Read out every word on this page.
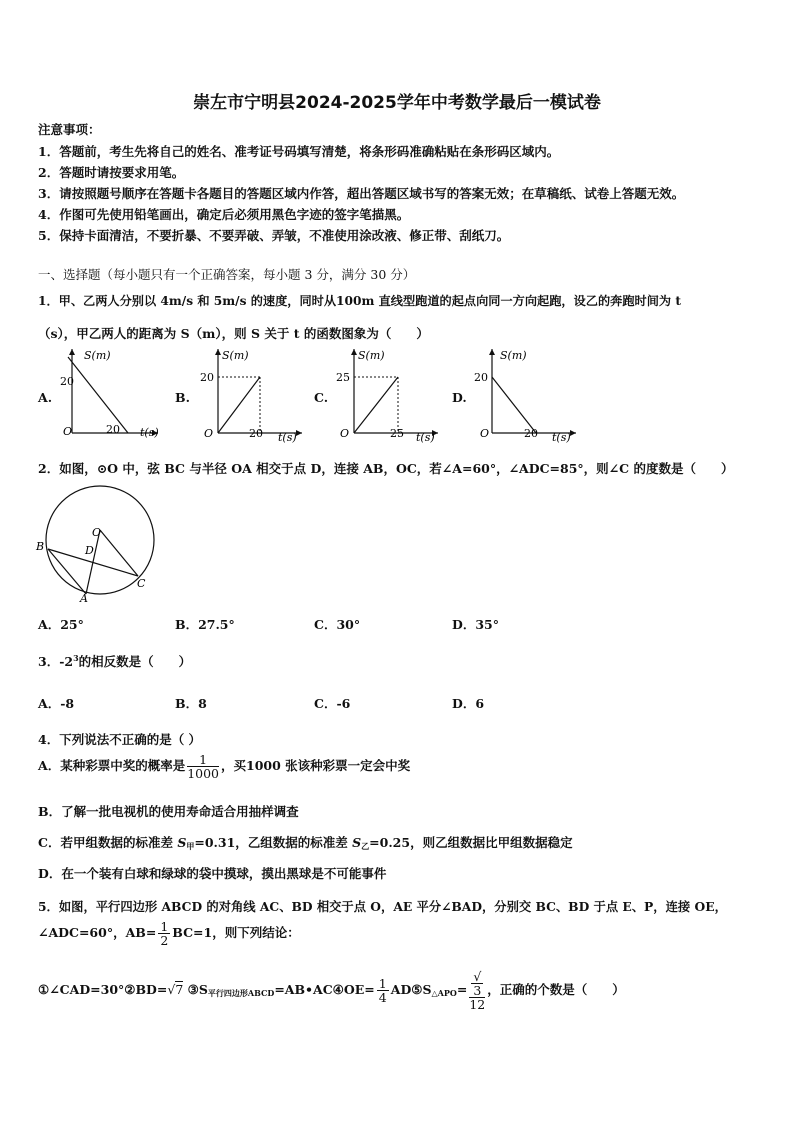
崇左市宁明县2024-2025学年中考数学最后一模试卷
注意事项：
1．答题前，考生先将自己的姓名、准考证号码填写清楚，将条形码准确粘贴在条形码区域内。
2．答题时请按要求用笔。
3．请按照题号顺序在答题卡各题目的答题区域内作答，超出答题区域书写的答案无效；在草稿纸、试卷上答题无效。
4．作图可先使用铅笔画出，确定后必须用黑色字迹的签字笔描黑。
5．保持卡面清洁，不要折暴、不要弄破、弄皱，不准使用涂改液、修正带、刮纸刀。
一、选择题（每小题只有一个正确答案，每小题 3 分，满分 30 分）
1．甲、乙两人分别以 4m/s 和 5m/s 的速度，同时从100m 直线型跑道的起点向同一方向起跑，设乙的奔跑时间为 t
（s），甲乙两人的距离为 S（m），则 S 关于 t 的函数图象为（　　）
A.	B.	C.	D.
S(m)
20
O	20 t(s)
S(m)
20
O	20 t(s)
S(m)
25
O	25 t(s)
S(m)
20
O	20 t(s)
2．如图，⊙O 中，弦 BC 与半径 OA 相交于点 D，连接 AB，OC，若∠A=60°，∠ADC=85°，则∠C 的度数是（　　）
O
B	D
C
A
A．25°	B．27.5°	C．30°	D．35°
3．$-2^3$的相反数是（　　）
A．-8	B．8	C．-6	D．6
4．下列说法不正确的是（ ）
A．某种彩票中奖的概率是 $\frac{1}{1000}$ ，买1000 张该种彩票一定会中奖
B．了解一批电视机的使用寿命适合用抽样调查
C．若甲组数据的标准差 $S_甲=0.31$，乙组数据的标准差 $S_乙=0.25$，则乙组数据比甲组数据稳定
D．在一个装有白球和绿球的袋中摸球，摸出黑球是不可能事件
5．如图，平行四边形 ABCD 的对角线 AC、BD 相交于点 O，AE 平分∠BAD，分别交 BC、BD 于点 E、P，连接 OE，
∠ADC=60°，$AB= \frac{1}{2} BC=1$，则下列结论：
①∠CAD=30°②BD=√7 $③S_{平行四边形ABCD}=AB•AC④OE= \frac{1}{4}$ $AD⑤S_{\triangle APO}=$ √
3
12 ，正确的个数是（　　）
